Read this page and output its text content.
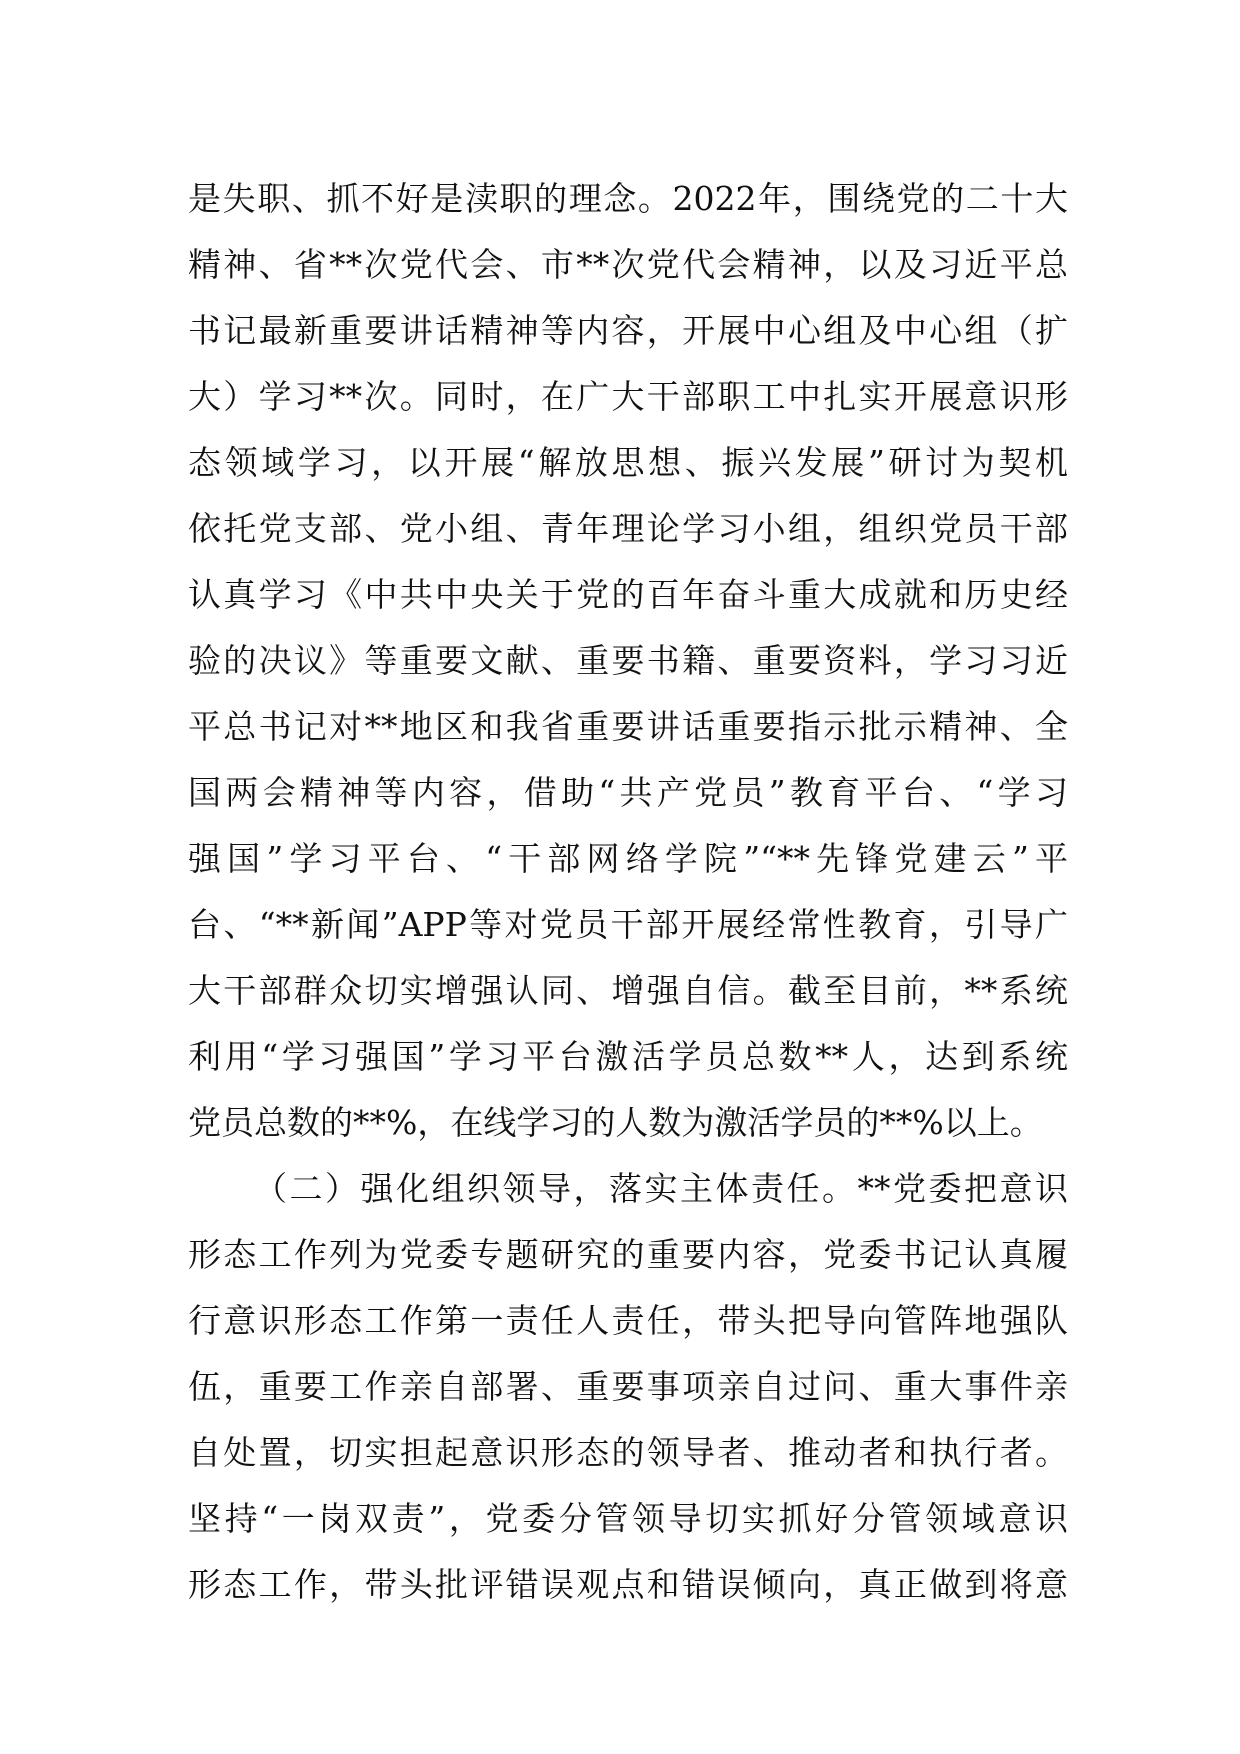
是失职、抓不好是渎职的理念。2022年，围绕党的二十大
精神、省**次党代会、市**次党代会精神，以及习近平总
书记最新重要讲话精神等内容，开展中心组及中心组（扩
大）学习**次。同时，在广大干部职工中扎实开展意识形
态领域学习，以开展“解放思想、振兴发展”研讨为契机
依托党支部、党小组、青年理论学习小组，组织党员干部
认真学习《中共中央关于党的百年奋斗重大成就和历史经
验的决议》等重要文献、重要书籍、重要资料，学习习近
平总书记对**地区和我省重要讲话重要指示批示精神、全
国两会精神等内容，借助“共产党员”教育平台、“学习
强国”学习平台、“干部网络学院”“**先锋党建云”平
台、“**新闻”APP等对党员干部开展经常性教育，引导广
大干部群众切实增强认同、增强自信。截至目前，**系统
利用“学习强国”学习平台激活学员总数**人，达到系统
党员总数的**%，在线学习的人数为激活学员的**%以上。
（二）强化组织领导，落实主体责任。**党委把意识
形态工作列为党委专题研究的重要内容，党委书记认真履
行意识形态工作第一责任人责任，带头把导向管阵地强队
伍，重要工作亲自部署、重要事项亲自过问、重大事件亲
自处置，切实担起意识形态的领导者、推动者和执行者。
坚持“一岗双责”，党委分管领导切实抓好分管领域意识
形态工作，带头批评错误观点和错误倾向，真正做到将意
